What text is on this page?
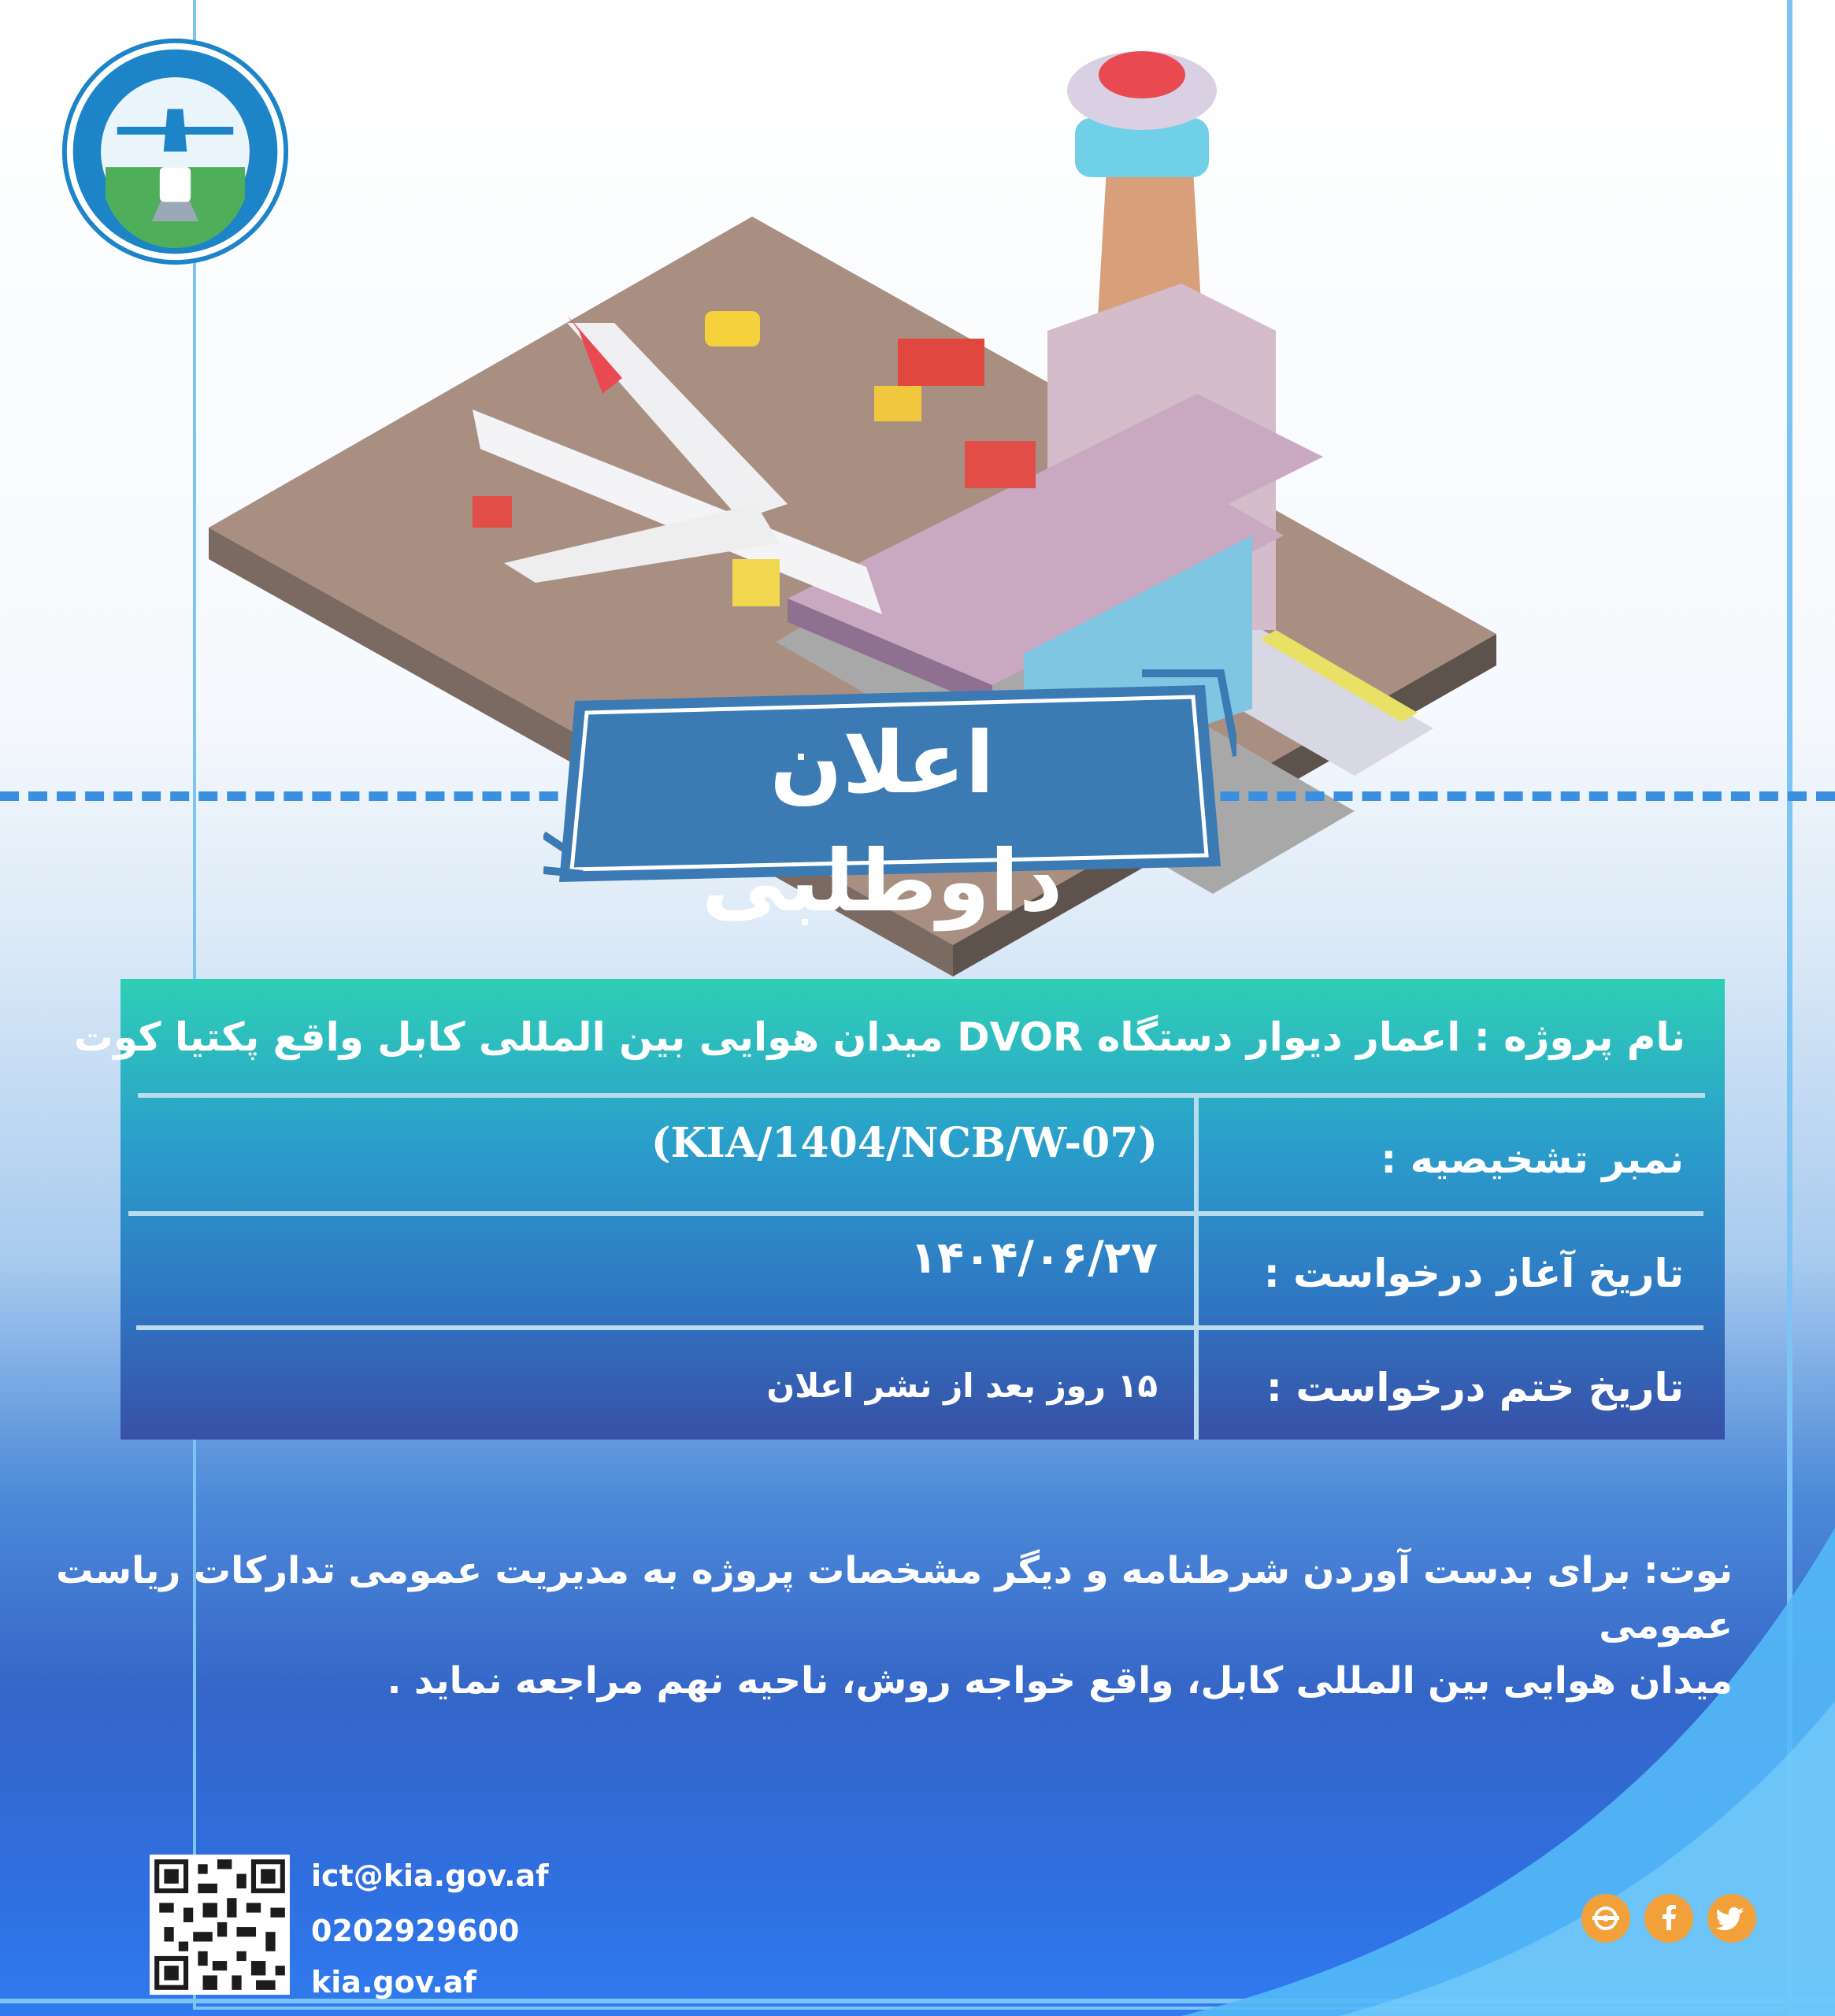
اعلان داوطلبی
نام پروژه : اعمار دیوار دستگاه DVOR میدان هوایی بین المللی کابل واقع پکتیا کوت
نمبر تشخیصیه :
(KIA/1404/NCB/W-07)
تاریخ آغاز درخواست :
۱۴۰۴/۰۶/۲۷
تاریخ ختم درخواست :
۱۵ روز بعد از نشر اعلان
نوت: برای بدست آوردن شرطنامه و دیگر مشخصات پروژه به مدیریت عمومی تدارکات ریاست عمومی
میدان هوایی بین المللی کابل، واقع خواجه روش، ناحیه نهم مراجعه نماید .
ict@kia.gov.af
0202929600
kia.gov.af
